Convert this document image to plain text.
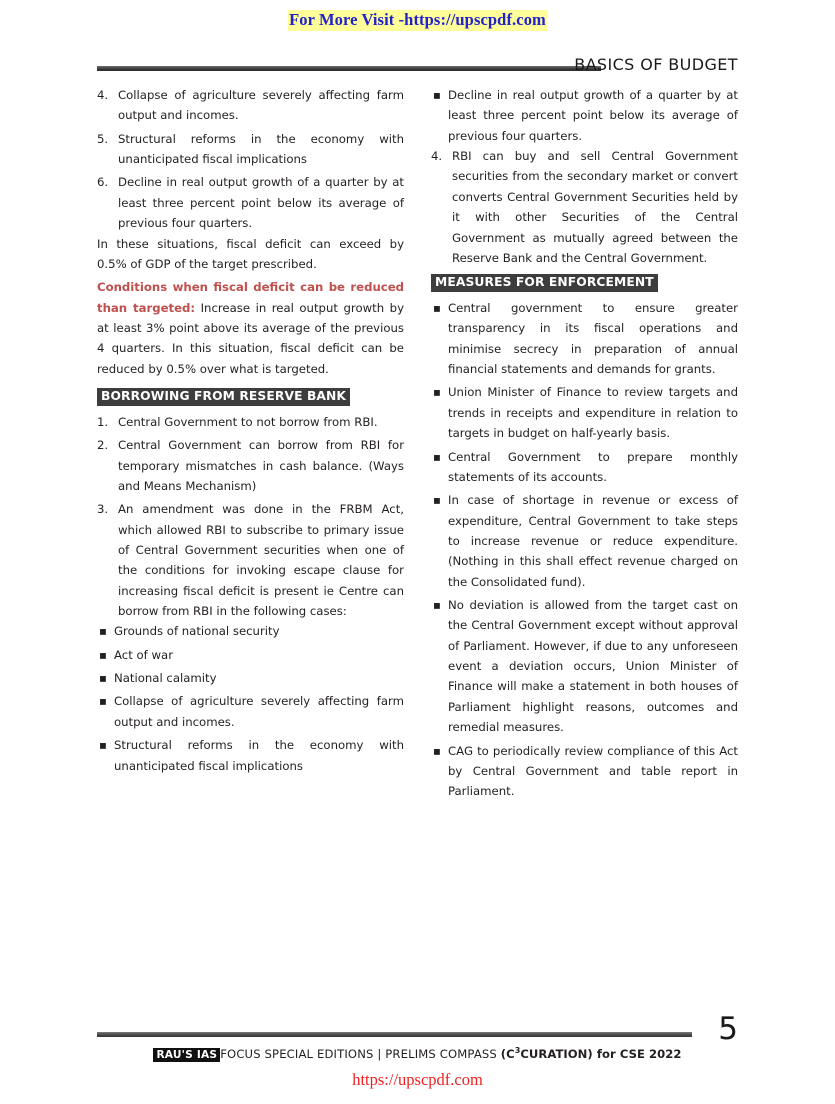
For More Visit -https://upscpdf.com
BASICS OF BUDGET
4. Collapse of agriculture severely affecting farm output and incomes.
5. Structural reforms in the economy with unanticipated fiscal implications
6. Decline in real output growth of a quarter by at least three percent point below its average of previous four quarters.

In these situations, fiscal deficit can exceed by 0.5% of GDP of the target prescribed.

Conditions when fiscal deficit can be reduced than targeted: Increase in real output growth by at least 3% point above its average of the previous 4 quarters. In this situation, fiscal deficit can be reduced by 0.5% over what is targeted.

BORROWING FROM RESERVE BANK
1. Central Government to not borrow from RBI.
2. Central Government can borrow from RBI for temporary mismatches in cash balance. (Ways and Means Mechanism)
3. An amendment was done in the FRBM Act, which allowed RBI to subscribe to primary issue of Central Government securities when one of the conditions for invoking escape clause for increasing fiscal deficit is present ie Centre can borrow from RBI in the following cases:
▪ Grounds of national security
▪ Act of war
▪ National calamity
▪ Collapse of agriculture severely affecting farm output and incomes.
▪ Structural reforms in the economy with unanticipated fiscal implications
▪ Decline in real output growth of a quarter by at least three percent point below its average of previous four quarters.
4. RBI can buy and sell Central Government securities from the secondary market or convert converts Central Government Securities held by it with other Securities of the Central Government as mutually agreed between the Reserve Bank and the Central Government.
MEASURES FOR ENFORCEMENT
▪ Central government to ensure greater transparency in its fiscal operations and minimise secrecy in preparation of annual financial statements and demands for grants.
▪ Union Minister of Finance to review targets and trends in receipts and expenditure in relation to targets in budget on half-yearly basis.
▪ Central Government to prepare monthly statements of its accounts.
▪ In case of shortage in revenue or excess of expenditure, Central Government to take steps to increase revenue or reduce expenditure. (Nothing in this shall effect revenue charged on the Consolidated fund).
▪ No deviation is allowed from the target cast on the Central Government except without approval of Parliament. However, if due to any unforeseen event a deviation occurs, Union Minister of Finance will make a statement in both houses of Parliament highlight reasons, outcomes and remedial measures.
▪ CAG to periodically review compliance of this Act by Central Government and table report in Parliament.
5
RAU'S IAS FOCUS SPECIAL EDITIONS | PRELIMS COMPASS $(C^3CURATION)$ for CSE 2022
https://upscpdf.com
